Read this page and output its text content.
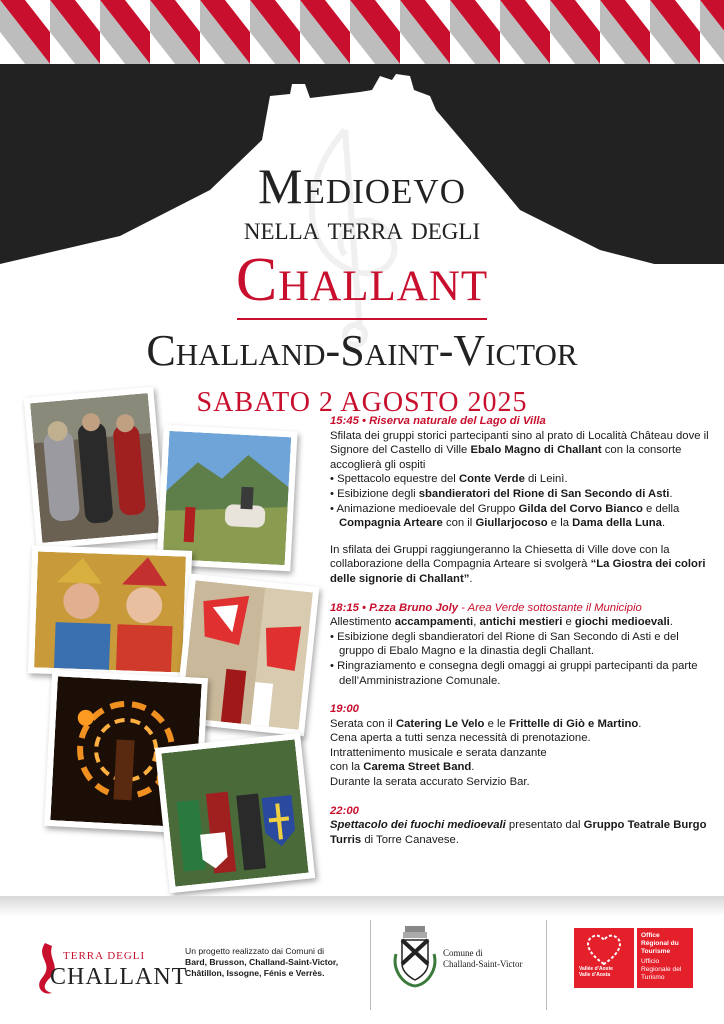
Medioevo
nella terra degli
Challant
Challand-Saint-Victor
SABATO 2 AGOSTO 2025

15:45 • Riserva naturale del Lago di Villa

Sfilata dei gruppi storici partecipanti sino al prato di Località Château dove il Signore del Castello di Ville Ebalo Magno di Challant con la consorte accoglierà gli ospiti

• Spettacolo equestre del Conte Verde di Leinì.
• Esibizione degli sbandieratori del Rione di San Secondo di Asti.
• Animazione medioevale del Gruppo Gilda del Corvo Bianco e della Compagnia Arteare con il Giullarjocoso e la Dama della Luna.

In sfilata dei Gruppi raggiungeranno la Chiesetta di Ville dove con la collaborazione della Compagnia Arteare si svolgerà “La Giostra dei colori delle signorie di Challant”.

18:15 • P.zza Bruno Joly - Area Verde sottostante il Municipio

Allestimento accampamenti, antichi mestieri e giochi medioevali.

• Esibizione degli sbandieratori del Rione di San Secondo di Asti e del gruppo di Ebalo Magno e la dinastia degli Challant.
• Ringraziamento e consegna degli omaggi ai gruppi partecipanti da parte dell’Amministrazione Comunale.

19:00

Serata con il Catering Le Velo e le Frittelle di Giò e Martino.

Cena aperta a tutti senza necessità di prenotazione.

Intrattenimento musicale e serata danzante

con la Carema Street Band.

Durante la serata accurato Servizio Bar.

22:00

Spettacolo dei fuochi medioevali presentato dal Gruppo Teatrale Burgo Turris di Torre Canavese.

TERRA DEGLI
CHALLANT
Un progetto realizzato dai Comuni di
Bard, Brusson, Challand-Saint-Victor, Châtillon, Issogne, Fénis e Verrès.
Comune di
Challand-Saint-Victor	Vallée d’Aoste
Valle d’Aosta
Office Régional du Tourisme
Ufficio Regionale del Turismo
